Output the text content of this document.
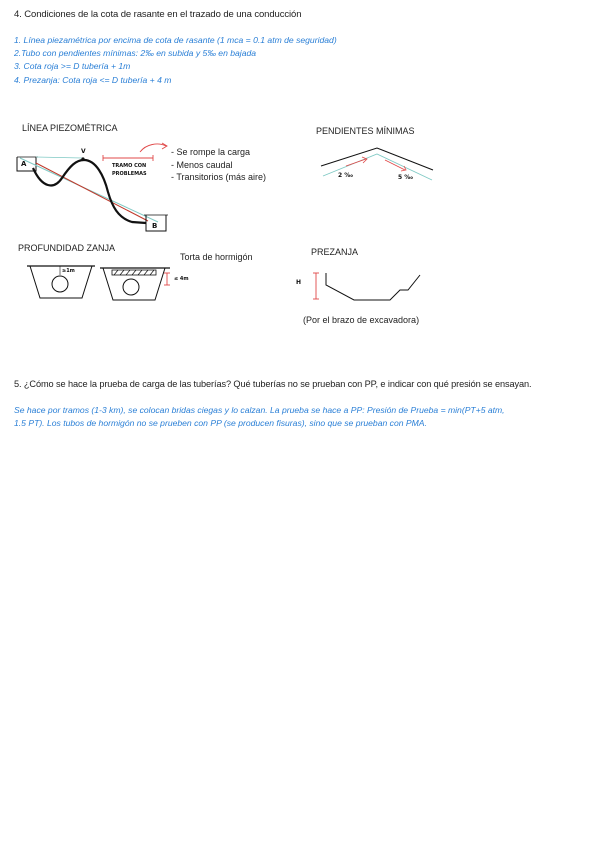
4. Condiciones de la cota de rasante en el trazado de una conducción
1. Línea piezamétrica por encima de cota de rasante (1 mca = 0.1 atm de seguridad)
2.Tubo con pendientes mínimas: 2‰ en subida y 5‰ en bajada
3. Cota roja >= D tubería + 1m
4. Prezanja: Cota roja <= D tubería + 4 m
LÍNEA PIEZOMÉTRICA
A
B
V
TRAMO CON
PROBLEMAS
- Se rompe la carga
- Menos caudal
- Transitorios (más aire)
PENDIENTES MÍNIMAS
2 ‰	5 ‰
PROFUNDIDAD ZANJA
Torta de hormigón
≥1m
≤ 4m
PREZANJA
H
(Por el brazo de excavadora)
5. ¿Cómo se hace la prueba de carga de las tuberías? Qué tuberías no se prueban con PP, e indicar con qué presión se ensayan.
Se hace por tramos (1-3 km), se colocan bridas ciegas y lo calzan. La prueba se hace a PP: Presión de Prueba = min(PT+5 atm,
1.5 PT). Los tubos de hormigón no se prueben con PP (se producen fisuras), sino que se prueban con PMA.
